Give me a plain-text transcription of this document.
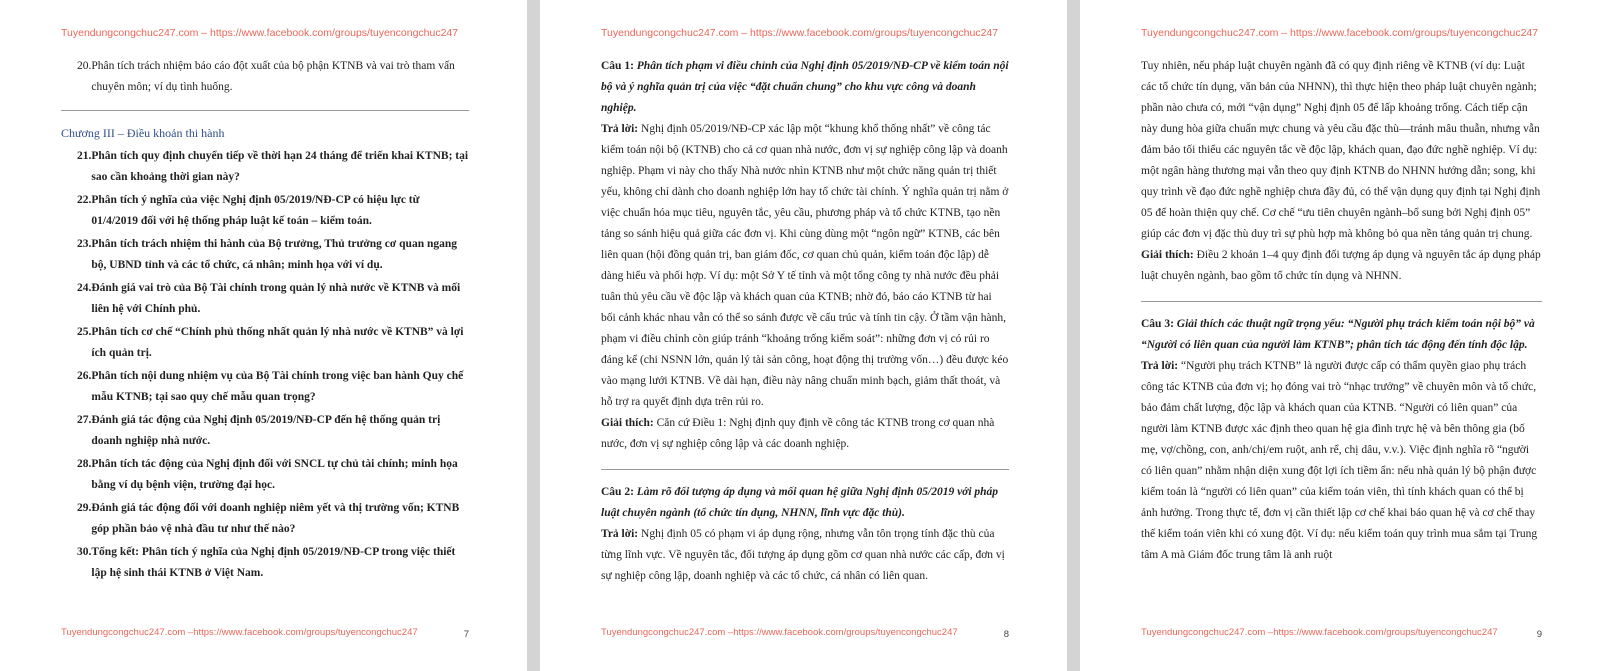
Tuyendungcongchuc247.com – https://www.facebook.com/groups/tuyencongchuc247
20. Phân tích trách nhiệm báo cáo đột xuất của bộ phận KTNB và vai trò tham vấn chuyên môn; ví dụ tình huống.
Chương III – Điều khoản thi hành
21. Phân tích quy định chuyển tiếp về thời hạn 24 tháng để triển khai KTNB; tại sao cần khoảng thời gian này?
22. Phân tích ý nghĩa của việc Nghị định 05/2019/NĐ-CP có hiệu lực từ 01/4/2019 đối với hệ thống pháp luật kế toán – kiểm toán.
23. Phân tích trách nhiệm thi hành của Bộ trưởng, Thủ trưởng cơ quan ngang bộ, UBND tỉnh và các tổ chức, cá nhân; minh họa với ví dụ.
24. Đánh giá vai trò của Bộ Tài chính trong quản lý nhà nước về KTNB và mối liên hệ với Chính phủ.
25. Phân tích cơ chế “Chính phủ thống nhất quản lý nhà nước về KTNB” và lợi ích quản trị.
26. Phân tích nội dung nhiệm vụ của Bộ Tài chính trong việc ban hành Quy chế mẫu KTNB; tại sao quy chế mẫu quan trọng?
27. Đánh giá tác động của Nghị định 05/2019/NĐ-CP đến hệ thống quản trị doanh nghiệp nhà nước.
28. Phân tích tác động của Nghị định đối với SNCL tự chủ tài chính; minh họa bằng ví dụ bệnh viện, trường đại học.
29. Đánh giá tác động đối với doanh nghiệp niêm yết và thị trường vốn; KTNB góp phần bảo vệ nhà đầu tư như thế nào?
30. Tổng kết: Phân tích ý nghĩa của Nghị định 05/2019/NĐ-CP trong việc thiết lập hệ sinh thái KTNB ở Việt Nam.
Tuyendungcongchuc247.com –https://www.facebook.com/groups/tuyencongchuc247	7
Tuyendungcongchuc247.com – https://www.facebook.com/groups/tuyencongchuc247

Câu 1: Phân tích phạm vi điều chỉnh của Nghị định 05/2019/NĐ-CP về kiểm toán nội bộ và ý nghĩa quản trị của việc “đặt chuẩn chung” cho khu vực công và doanh nghiệp.

Trả lời: Nghị định 05/2019/NĐ-CP xác lập một “khung khổ thống nhất” về công tác kiểm toán nội bộ (KTNB) cho cả cơ quan nhà nước, đơn vị sự nghiệp công lập và doanh nghiệp. Phạm vi này cho thấy Nhà nước nhìn KTNB như một chức năng quản trị thiết yếu, không chỉ dành cho doanh nghiệp lớn hay tổ chức tài chính. Ý nghĩa quản trị nằm ở việc chuẩn hóa mục tiêu, nguyên tắc, yêu cầu, phương pháp và tổ chức KTNB, tạo nền tảng so sánh hiệu quả giữa các đơn vị. Khi cùng dùng một “ngôn ngữ” KTNB, các bên liên quan (hội đồng quản trị, ban giám đốc, cơ quan chủ quản, kiểm toán độc lập) dễ dàng hiểu và phối hợp. Ví dụ: một Sở Y tế tỉnh và một tổng công ty nhà nước đều phải tuân thủ yêu cầu về độc lập và khách quan của KTNB; nhờ đó, báo cáo KTNB từ hai bối cảnh khác nhau vẫn có thể so sánh được về cấu trúc và tính tin cậy. Ở tầm vận hành, phạm vi điều chỉnh còn giúp tránh “khoảng trống kiểm soát”: những đơn vị có rủi ro đáng kể (chi NSNN lớn, quản lý tài sản công, hoạt động thị trường vốn…) đều được kéo vào mạng lưới KTNB. Về dài hạn, điều này nâng chuẩn minh bạch, giảm thất thoát, và hỗ trợ ra quyết định dựa trên rủi ro.

Giải thích: Căn cứ Điều 1: Nghị định quy định về công tác KTNB trong cơ quan nhà nước, đơn vị sự nghiệp công lập và các doanh nghiệp.

Câu 2: Làm rõ đối tượng áp dụng và mối quan hệ giữa Nghị định 05/2019 với pháp luật chuyên ngành (tổ chức tín dụng, NHNN, lĩnh vực đặc thù).

Trả lời: Nghị định 05 có phạm vi áp dụng rộng, nhưng vẫn tôn trọng tính đặc thù của từng lĩnh vực. Về nguyên tắc, đối tượng áp dụng gồm cơ quan nhà nước các cấp, đơn vị sự nghiệp công lập, doanh nghiệp và các tổ chức, cá nhân có liên quan.

Tuyendungcongchuc247.com –https://www.facebook.com/groups/tuyencongchuc247	8
Tuyendungcongchuc247.com – https://www.facebook.com/groups/tuyencongchuc247

Tuy nhiên, nếu pháp luật chuyên ngành đã có quy định riêng về KTNB (ví dụ: Luật các tổ chức tín dụng, văn bản của NHNN), thì thực hiện theo pháp luật chuyên ngành; phần nào chưa có, mới “vận dụng” Nghị định 05 để lấp khoảng trống. Cách tiếp cận này dung hòa giữa chuẩn mực chung và yêu cầu đặc thù—tránh mâu thuẫn, nhưng vẫn đảm bảo tối thiểu các nguyên tắc về độc lập, khách quan, đạo đức nghề nghiệp. Ví dụ: một ngân hàng thương mại vẫn theo quy định KTNB do NHNN hướng dẫn; song, khi quy trình về đạo đức nghề nghiệp chưa đầy đủ, có thể vận dụng quy định tại Nghị định 05 để hoàn thiện quy chế. Cơ chế “ưu tiên chuyên ngành–bổ sung bởi Nghị định 05” giúp các đơn vị đặc thù duy trì sự phù hợp mà không bỏ qua nền tảng quản trị chung.

Giải thích: Điều 2 khoản 1–4 quy định đối tượng áp dụng và nguyên tắc áp dụng pháp luật chuyên ngành, bao gồm tổ chức tín dụng và NHNN.

Câu 3: Giải thích các thuật ngữ trọng yếu: “Người phụ trách kiểm toán nội bộ” và “Người có liên quan của người làm KTNB”; phân tích tác động đến tính độc lập.

Trả lời: “Người phụ trách KTNB” là người được cấp có thẩm quyền giao phụ trách công tác KTNB của đơn vị; họ đóng vai trò “nhạc trưởng” về chuyên môn và tổ chức, bảo đảm chất lượng, độc lập và khách quan của KTNB. “Người có liên quan” của người làm KTNB được xác định theo quan hệ gia đình trực hệ và bên thông gia (bố mẹ, vợ/chồng, con, anh/chị/em ruột, anh rể, chị dâu, v.v.). Việc định nghĩa rõ “người có liên quan” nhằm nhận diện xung đột lợi ích tiềm ẩn: nếu nhà quản lý bộ phận được kiểm toán là “người có liên quan” của kiểm toán viên, thì tính khách quan có thể bị ảnh hưởng. Trong thực tế, đơn vị cần thiết lập cơ chế khai báo quan hệ và cơ chế thay thế kiểm toán viên khi có xung đột. Ví dụ: nếu kiểm toán quy trình mua sắm tại Trung tâm A mà Giám đốc trung tâm là anh ruột

Tuyendungcongchuc247.com –https://www.facebook.com/groups/tuyencongchuc247	9
